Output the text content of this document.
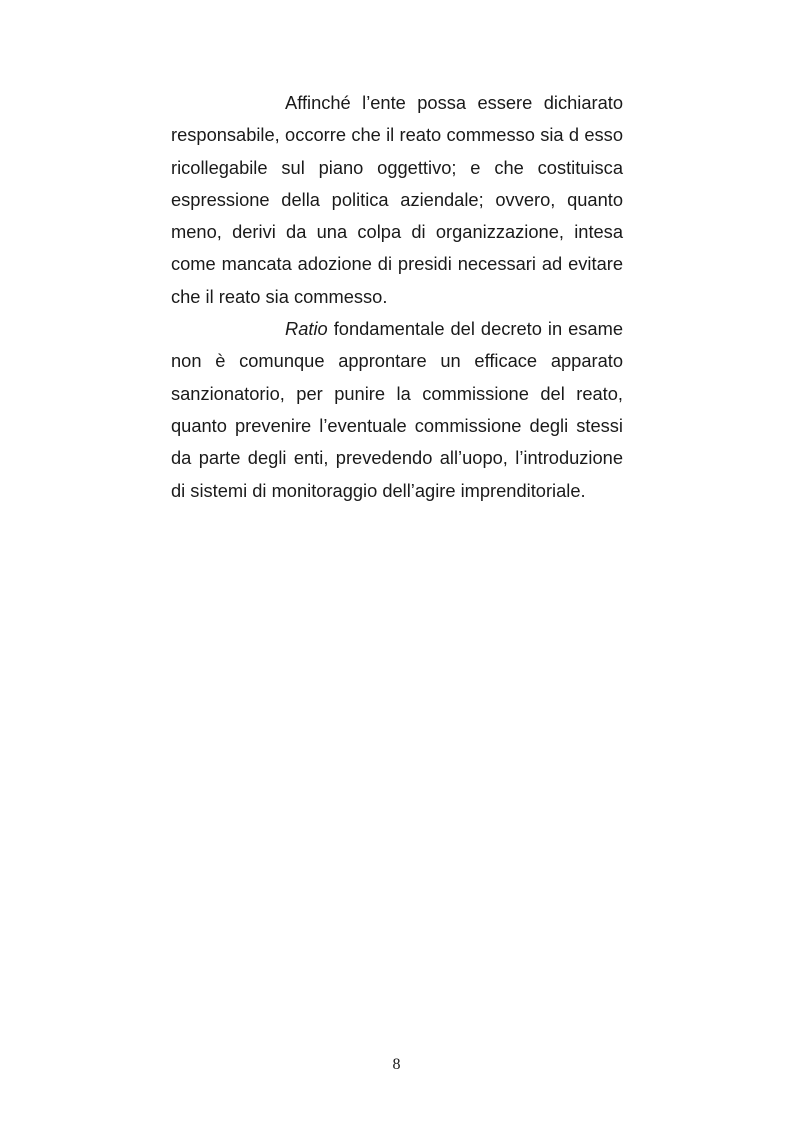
Affinché l’ente possa essere dichiarato responsabile, occorre che il reato commesso sia d esso ricollegabile sul piano oggettivo; e che costituisca espressione della politica aziendale; ovvero, quanto meno, derivi da una colpa di organizzazione, intesa come mancata adozione di presidi necessari ad evitare che il reato sia commesso.

Ratio fondamentale del decreto in esame non è comunque approntare un efficace apparato sanzionatorio, per punire la commissione del reato, quanto prevenire l’eventuale commissione degli stessi da parte degli enti, prevedendo all’uopo, l’introduzione di sistemi di monitoraggio dell’agire imprenditoriale.

8
